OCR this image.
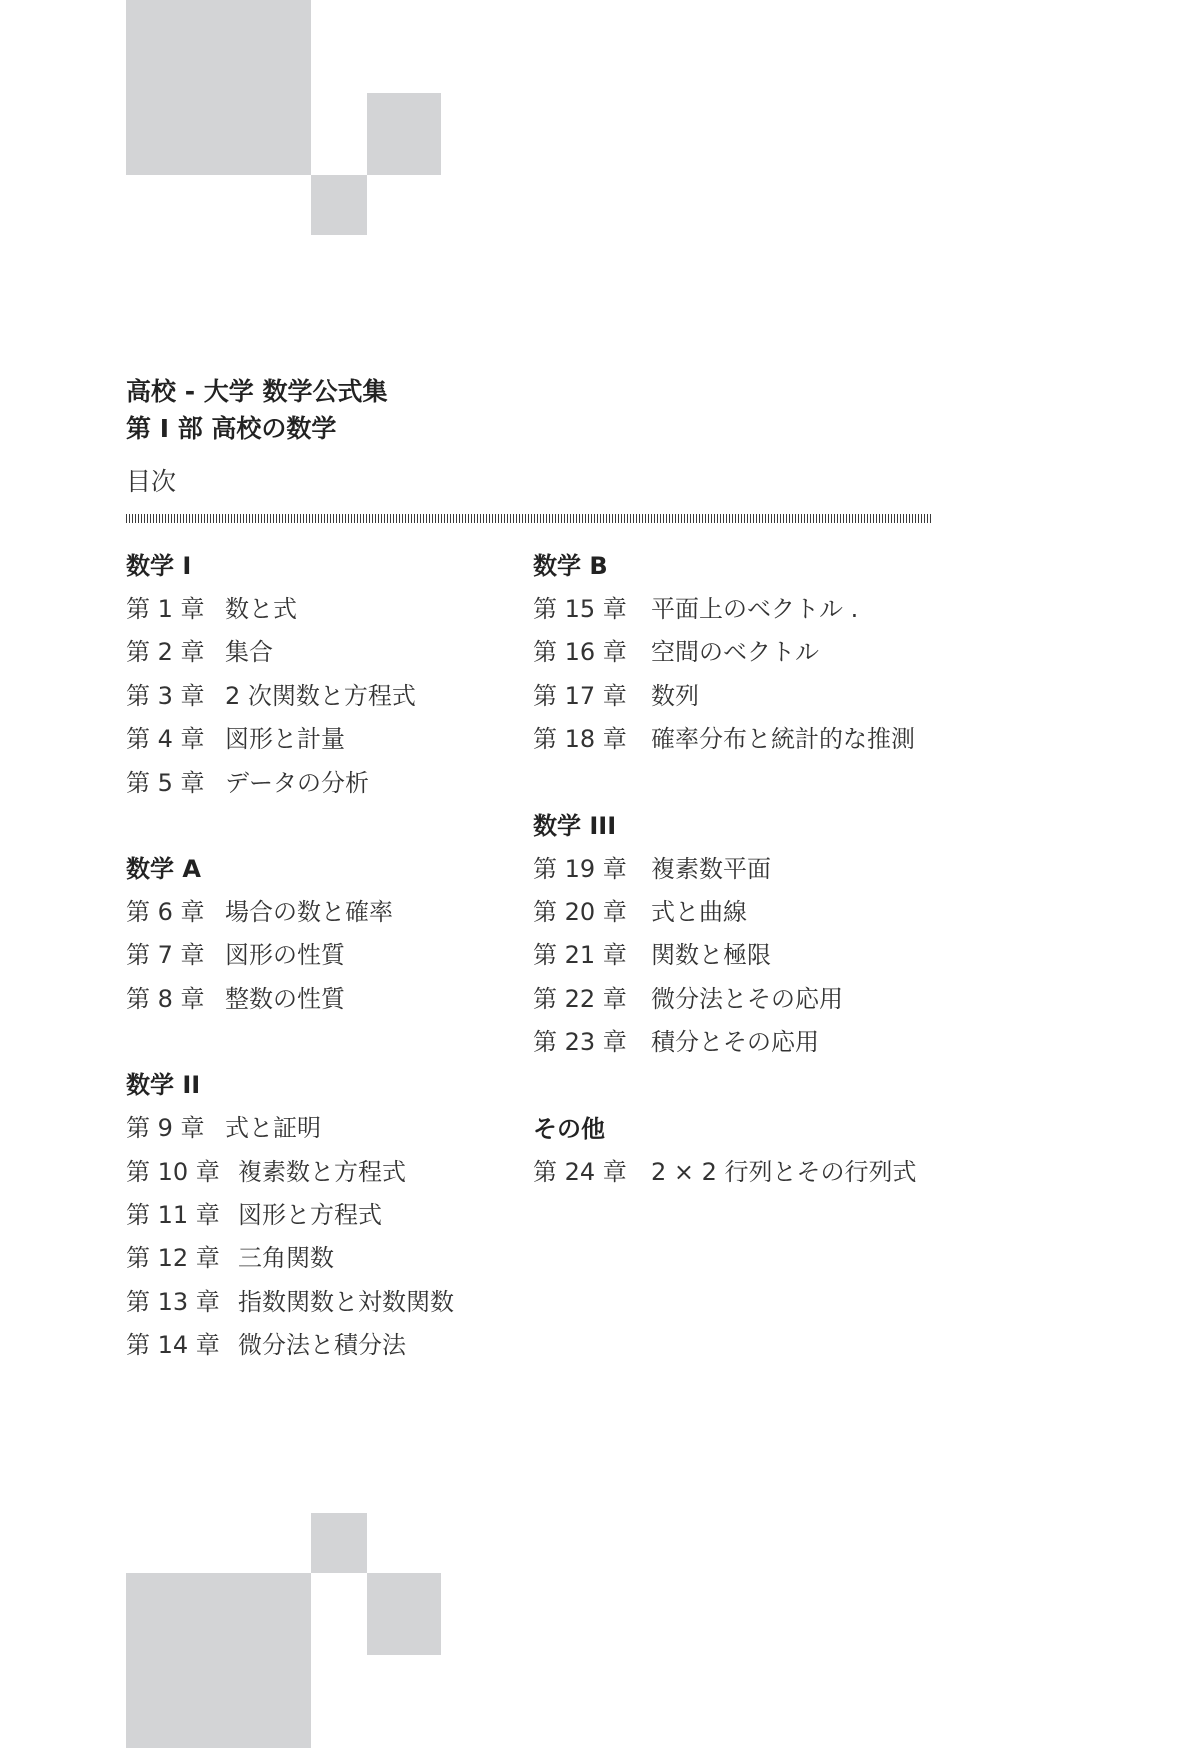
高校 - 大学 数学公式集
第 I 部 高校の数学
目次
数学 I
第 1 章 数と式
第 2 章 集合
第 3 章 2 次関数と方程式
第 4 章 図形と計量
第 5 章 データの分析
数学 A
第 6 章 場合の数と確率
第 7 章 図形の性質
第 8 章 整数の性質
数学 II
第 9 章 式と証明
第 10 章 複素数と方程式
第 11 章 図形と方程式
第 12 章 三角関数
第 13 章 指数関数と対数関数
第 14 章 微分法と積分法
数学 B
第 15 章	平面上のベクトル .
第 16 章	空間のベクトル
第 17 章	数列
第 18 章	確率分布と統計的な推測
数学 III
第 19 章	複素数平面
第 20 章	式と曲線
第 21 章	関数と極限
第 22 章	微分法とその応用
第 23 章	積分とその応用
その他
第 24 章	2 × 2 行列とその行列式
